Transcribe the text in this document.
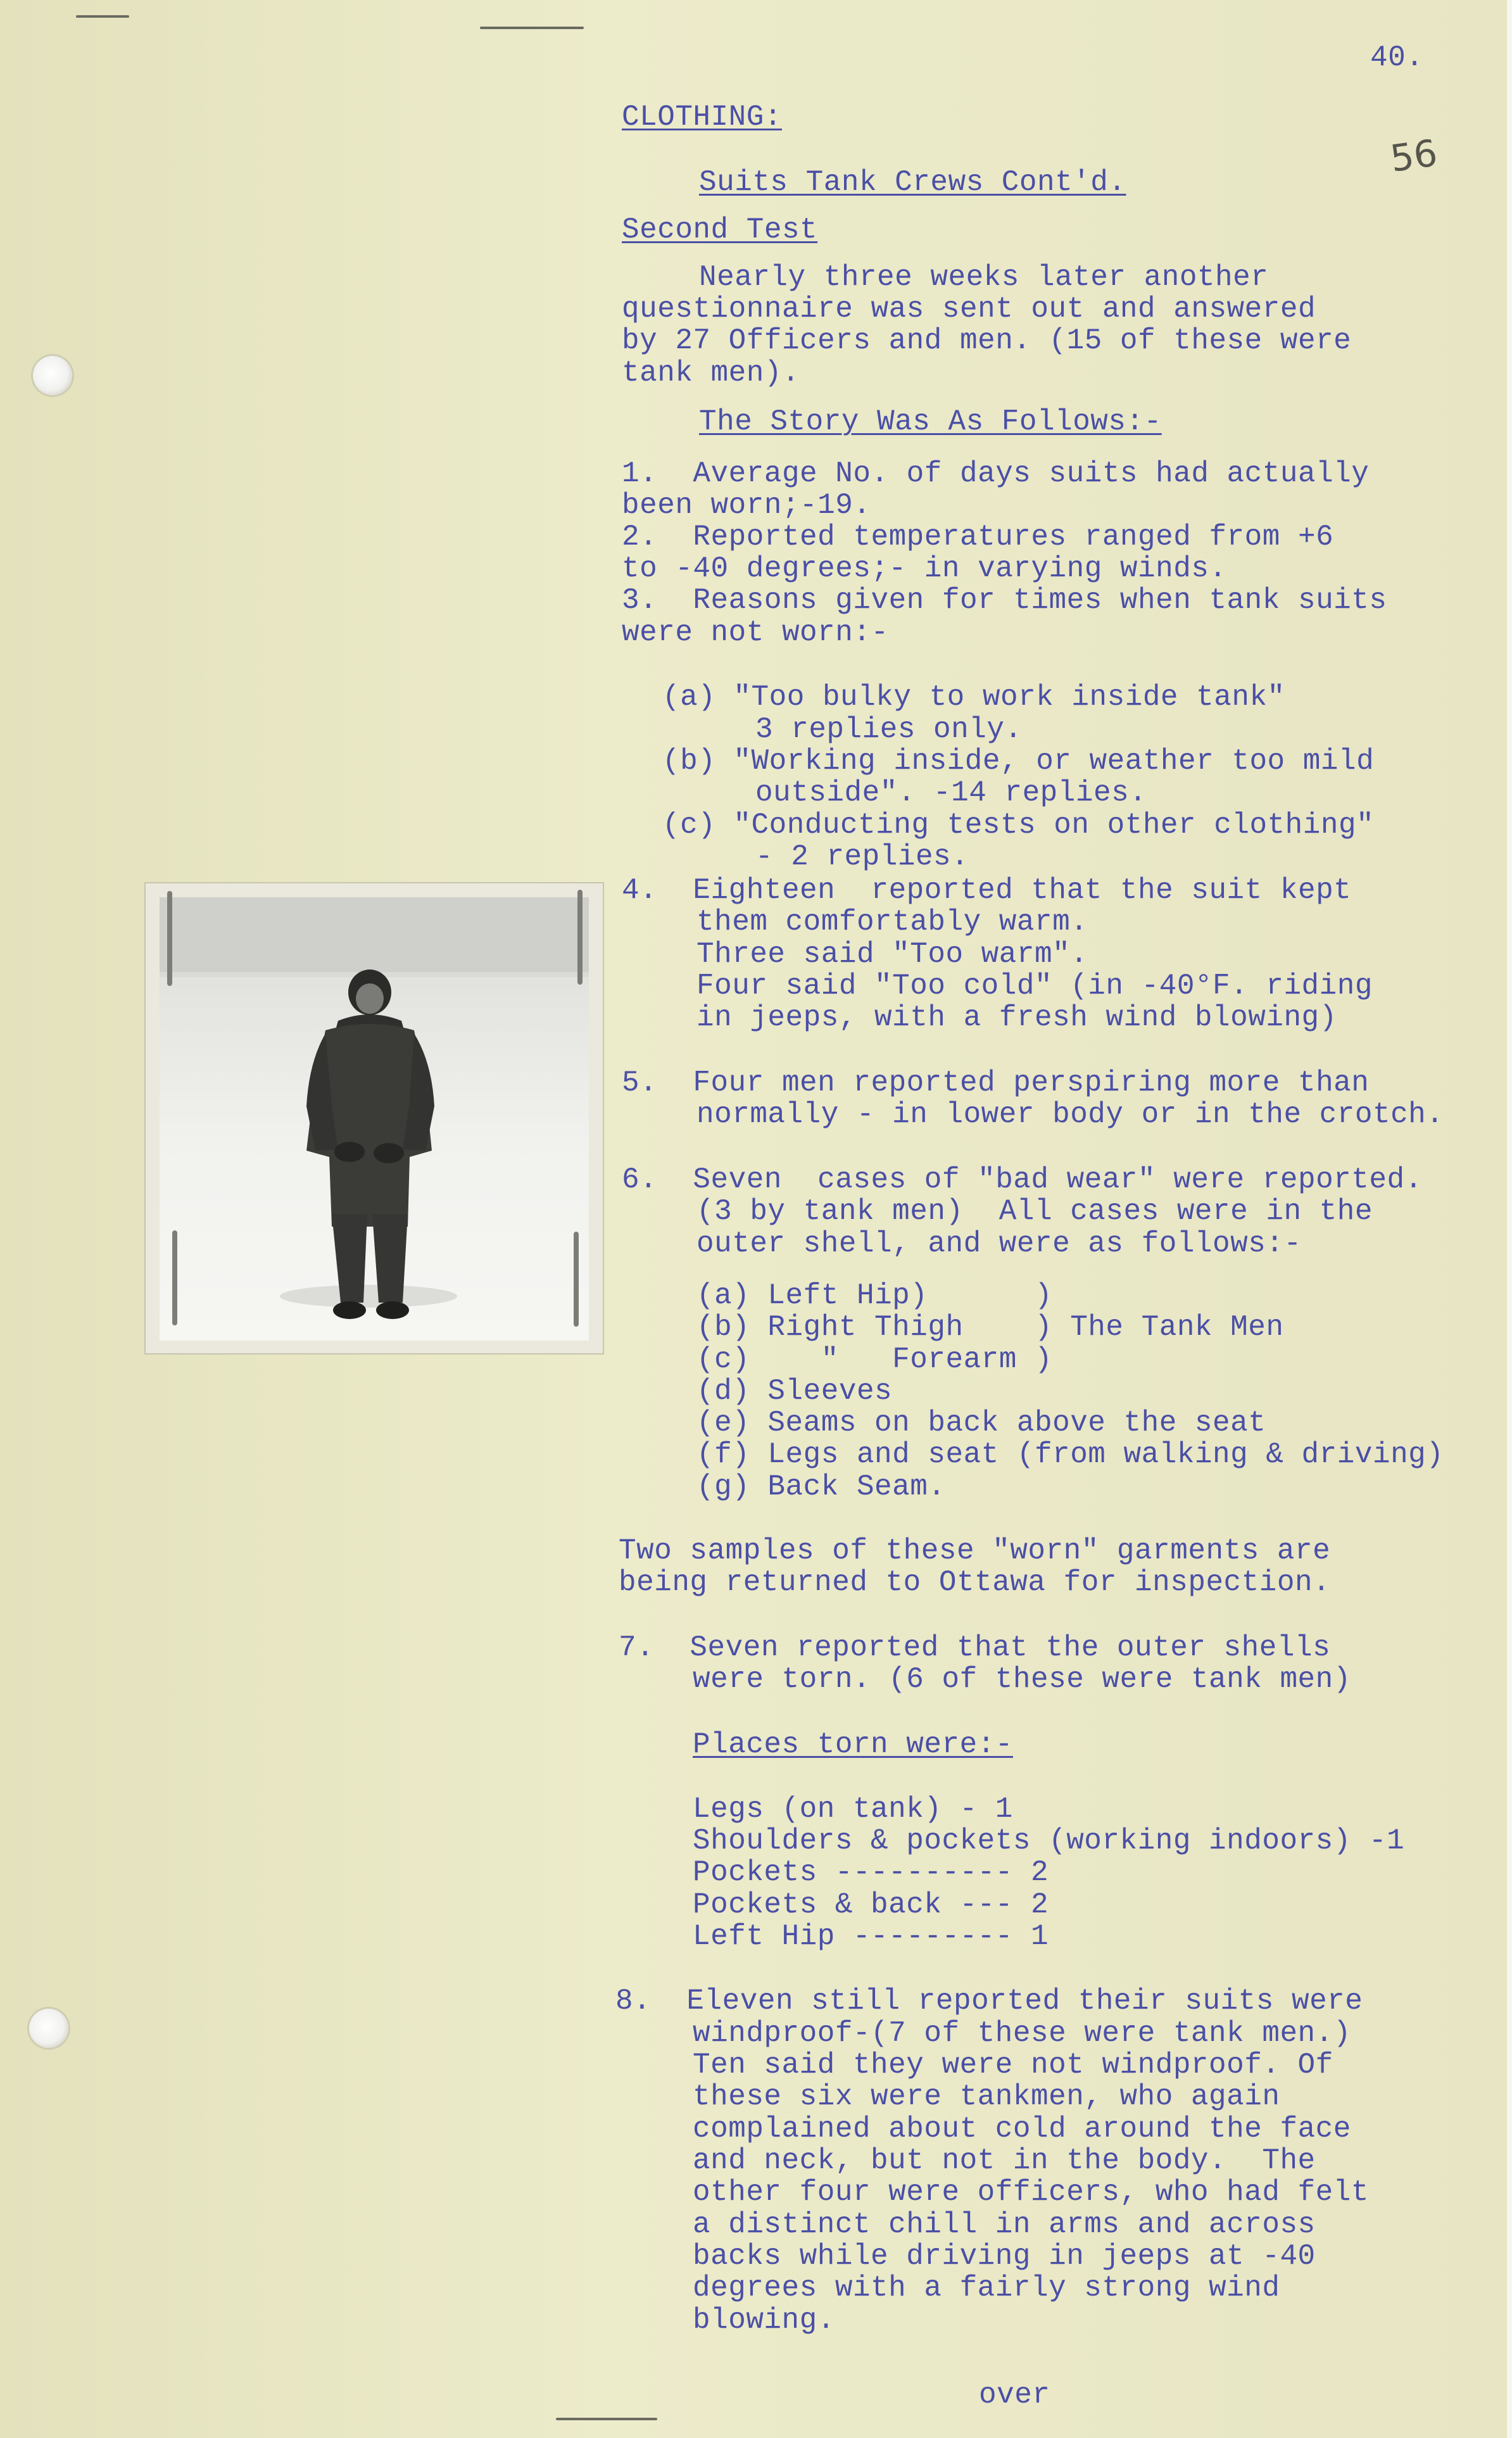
40.
56
CLOTHING:
Suits Tank Crews Cont'd.
Second Test
Nearly three weeks later another
questionnaire was sent out and answered
by 27 Officers and men. (15 of these were
tank men).
The Story Was As Follows:-
1.  Average No. of days suits had actually
been worn;-19.
2.  Reported temperatures ranged from +6
to -40 degrees;- in varying winds.
3.  Reasons given for times when tank suits
were not worn:-
(a) "Too bulky to work inside tank"
3 replies only.
(b) "Working inside, or weather too mild
outside". -14 replies.
(c) "Conducting tests on other clothing"
- 2 replies.
4.  Eighteen  reported that the suit kept
them comfortably warm.
Three said "Too warm".
Four said "Too cold" (in -40°F. riding
in jeeps, with a fresh wind blowing)
5.  Four men reported perspiring more than
normally - in lower body or in the crotch.
6.  Seven  cases of "bad wear" were reported.
(3 by tank men)  All cases were in the
outer shell, and were as follows:-
(a) Left Hip)      )
(b) Right Thigh    ) The Tank Men
(c)    "   Forearm )
(d) Sleeves
(e) Seams on back above the seat
(f) Legs and seat (from walking & driving)
(g) Back Seam.
Two samples of these "worn" garments are
being returned to Ottawa for inspection.
7.  Seven reported that the outer shells
were torn. (6 of these were tank men)
Places torn were:-
Legs (on tank) - 1
Shoulders & pockets (working indoors) -1
Pockets ---------- 2
Pockets & back --- 2
Left Hip --------- 1
8.  Eleven still reported their suits were
windproof-(7 of these were tank men.)
Ten said they were not windproof. Of
these six were tankmen, who again
complained about cold around the face
and neck, but not in the body.  The
other four were officers, who had felt
a distinct chill in arms and across
backs while driving in jeeps at -40
degrees with a fairly strong wind
blowing.
over
